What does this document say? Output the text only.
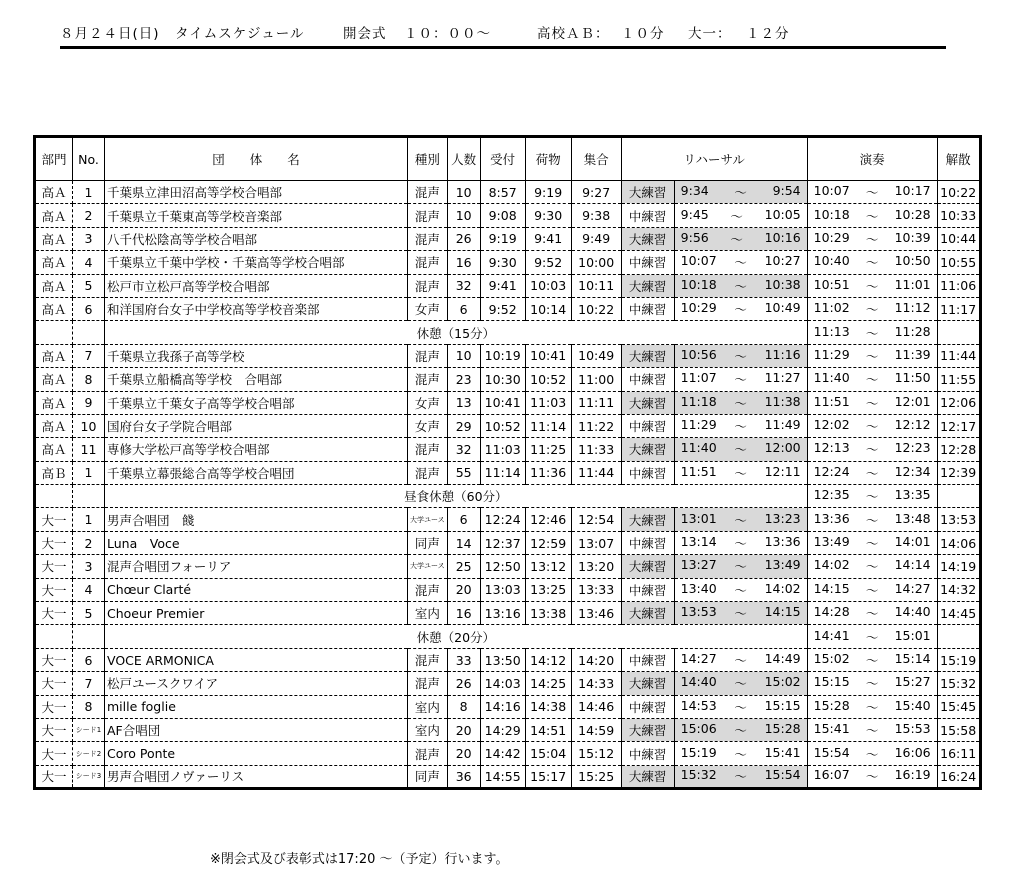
８月２４日(日) タイムスケジュール	開会式 １０：００～	高校ＡＢ： １０分 大一： １２分
部門	No.	団　　体　　名	種別	人数	受付	荷物	集合	リハーサル		演奏	解散
高Ａ	1	千葉県立津田沼高等学校合唱部	混声	10	8:57	9:19	9:27	大練習	9:34 ～ 9:54	10:07 ～ 10:17	10:22
高Ａ	2	千葉県立千葉東高等学校音楽部	混声	10	9:08	9:30	9:38	中練習	9:45 ～ 10:05	10:18 ～ 10:28	10:33
高Ａ	3	八千代松陰高等学校合唱部	混声	26	9:19	9:41	9:49	大練習	9:56 ～ 10:16	10:29 ～ 10:39	10:44
高Ａ	4	千葉県立千葉中学校・千葉高等学校合唱部	混声	16	9:30	9:52	10:00	中練習	10:07 ～ 10:27	10:40 ～ 10:50	10:55
高Ａ	5	松戸市立松戸高等学校合唱部	混声	32	9:41	10:03	10:11	大練習	10:18 ～ 10:38	10:51 ～ 11:01	11:06
高Ａ	6	和洋国府台女子中学校高等学校音楽部	女声	6	9:52	10:14	10:22	中練習	10:29 ～ 10:49	11:02 ～ 11:12	11:17
		休憩（15分）								11:13 ～ 11:28	

高Ａ	7	千葉県立我孫子高等学校	混声	10	10:19	10:41	10:49	大練習	10:56 ～ 11:16	11:29 ～ 11:39	11:44
高Ａ	8	千葉県立船橋高等学校　合唱部	混声	23	10:30	10:52	11:00	中練習	11:07 ～ 11:27	11:40 ～ 11:50	11:55
高Ａ	9	千葉県立千葉女子高等学校合唱部	女声	13	10:41	11:03	11:11	大練習	11:18 ～ 11:38	11:51 ～ 12:01	12:06
高Ａ	10	国府台女子学院合唱部	女声	29	10:52	11:14	11:22	中練習	11:29 ～ 11:49	12:02 ～ 12:12	12:17
高Ａ	11	専修大学松戸高等学校合唱部	混声	32	11:03	11:25	11:33	大練習	11:40 ～ 12:00	12:13 ～ 12:23	12:28
高Ｂ	1	千葉県立幕張総合高等学校合唱団	混声	55	11:14	11:36	11:44	中練習	11:51 ～ 12:11	12:24 ～ 12:34	12:39
		昼食休憩（60分）								12:35 ～ 13:35	

大一	1	男声合唱団　餞	大学ユース	6	12:24	12:46	12:54	大練習	13:01 ～ 13:23	13:36 ～ 13:48	13:53
大一	2	Luna　Voce	同声	14	12:37	12:59	13:07	中練習	13:14 ～ 13:36	13:49 ～ 14:01	14:06
大一	3	混声合唱団フォーリア	大学ユース	25	12:50	13:12	13:20	大練習	13:27 ～ 13:49	14:02 ～ 14:14	14:19
大一	4	Chœur Clarté	混声	20	13:03	13:25	13:33	中練習	13:40 ～ 14:02	14:15 ～ 14:27	14:32
大一	5	Choeur Premier	室内	16	13:16	13:38	13:46	大練習	13:53 ～ 14:15	14:28 ～ 14:40	14:45
		休憩（20分）								14:41 ～ 15:01	

大一	6	VOCE ARMONICA	混声	33	13:50	14:12	14:20	中練習	14:27 ～ 14:49	15:02 ～ 15:14	15:19
大一	7	松戸ユースクワイア	混声	26	14:03	14:25	14:33	大練習	14:40 ～ 15:02	15:15 ～ 15:27	15:32
大一	8	mille foglie	室内	8	14:16	14:38	14:46	中練習	14:53 ～ 15:15	15:28 ～ 15:40	15:45
大一	シード1	AF合唱団	室内	20	14:29	14:51	14:59	大練習	15:06 ～ 15:28	15:41 ～ 15:53	15:58
大一	シード2	Coro Ponte	混声	20	14:42	15:04	15:12	中練習	15:19 ～ 15:41	15:54 ～ 16:06	16:11
大一	シード3	男声合唱団ノヴァーリス	同声	36	14:55	15:17	15:25	大練習	15:32 ～ 15:54	16:07 ～ 16:19	16:24
※閉会式及び表彰式は17:20 ～（予定）行います。
